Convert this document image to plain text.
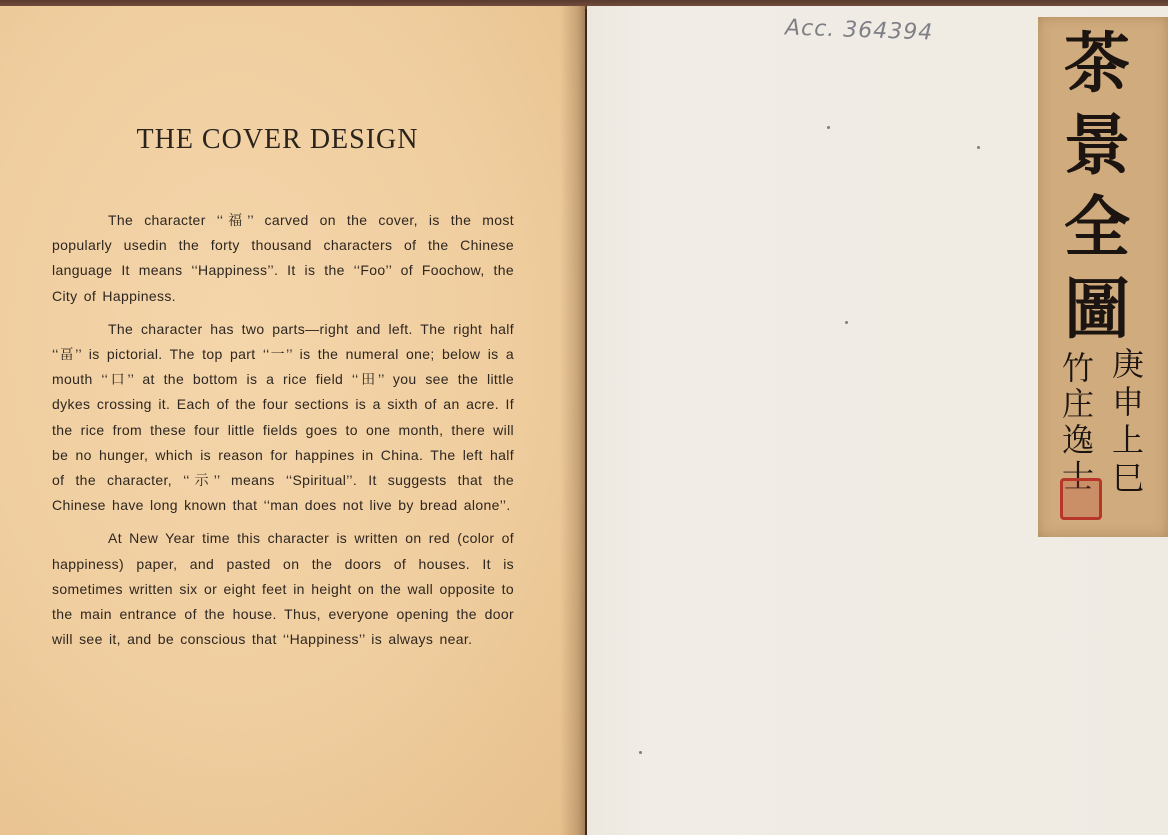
THE COVER DESIGN

The character ‘‘福’’ carved on the cover, is the most popularly usedin the forty thousand characters of the Chinese language It means ‘‘Happiness’’. It is the ‘‘Foo’’ of Foochow, the City of Happiness.

The character has two parts—right and left. The right half ‘‘畐’’ is pictorial. The top part ‘‘一’’ is the numeral one; below is a mouth ‘‘口’’ at the bottom is a rice field ‘‘田’’ you see the little dykes crossing it. Each of the four sections is a sixth of an acre. If the rice from these four little fields goes to one month, there will be no hunger, which is reason for happines in China. The left half of the character, ‘‘示’’ means ‘‘Spiritual’’. It suggests that the Chinese have long known that ‘‘man does not live by bread alone’’.

At New Year time this character is written on red (color of happiness) paper, and pasted on the doors of houses. It is sometimes written six or eight feet in height on the wall opposite to the main entrance of the house. Thus, everyone opening the door will see it, and be conscious that ‘‘Happiness’’ is always near.

Acc. 364394 茶
景
全
圖
庚
申
上
巳
竹
庄
逸
士
